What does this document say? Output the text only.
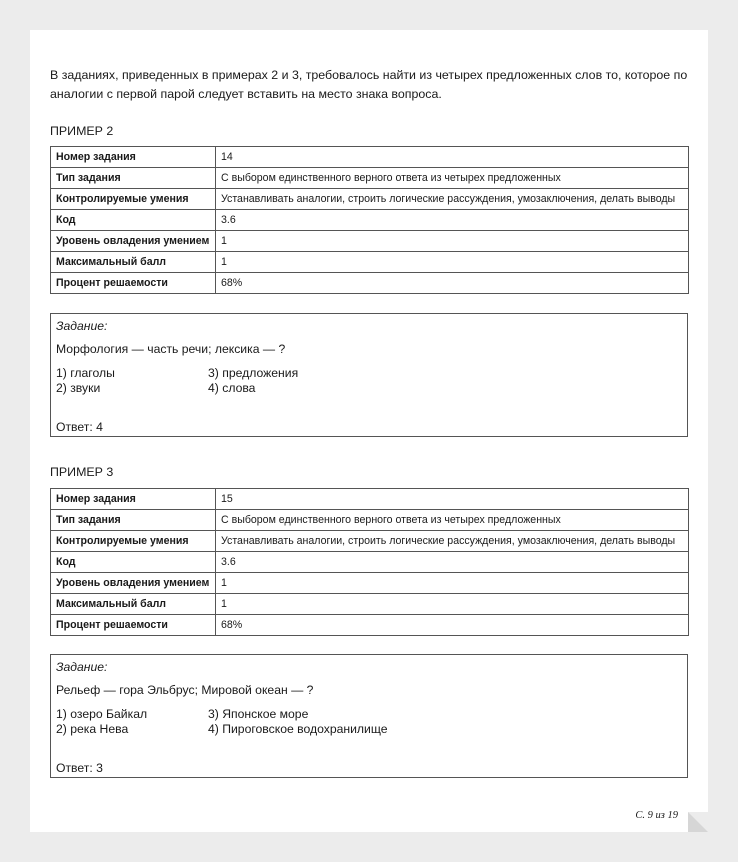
В заданиях, приведенных в примерах 2 и 3, требовалось найти из четырех предложенных слов то, которое по аналогии с первой парой следует вставить на место знака вопроса.
ПРИМЕР 2
Номер задания	14
Тип задания	С выбором единственного верного ответа из четырех предложенных
Контролируемые умения	Устанавливать аналогии, строить логические рассуждения, умозаключения, делать выводы
Код	3.6
Уровень овладения умением	1
Максимальный балл	1
Процент решаемости	68%
Задание:
Морфология — часть речи; лексика — ?
1) глаголы
2) звуки
3) предложения
4) слова
Ответ: 4
ПРИМЕР 3
Номер задания	15
Тип задания	С выбором единственного верного ответа из четырех предложенных
Контролируемые умения	Устанавливать аналогии, строить логические рассуждения, умозаключения, делать выводы
Код	3.6
Уровень овладения умением	1
Максимальный балл	1
Процент решаемости	68%
Задание:
Рельеф — гора Эльбрус; Мировой океан — ?
1) озеро Байкал
2) река Нева
3) Японское море
4) Пироговское водохранилище
Ответ: 3
С. 9 из 19
